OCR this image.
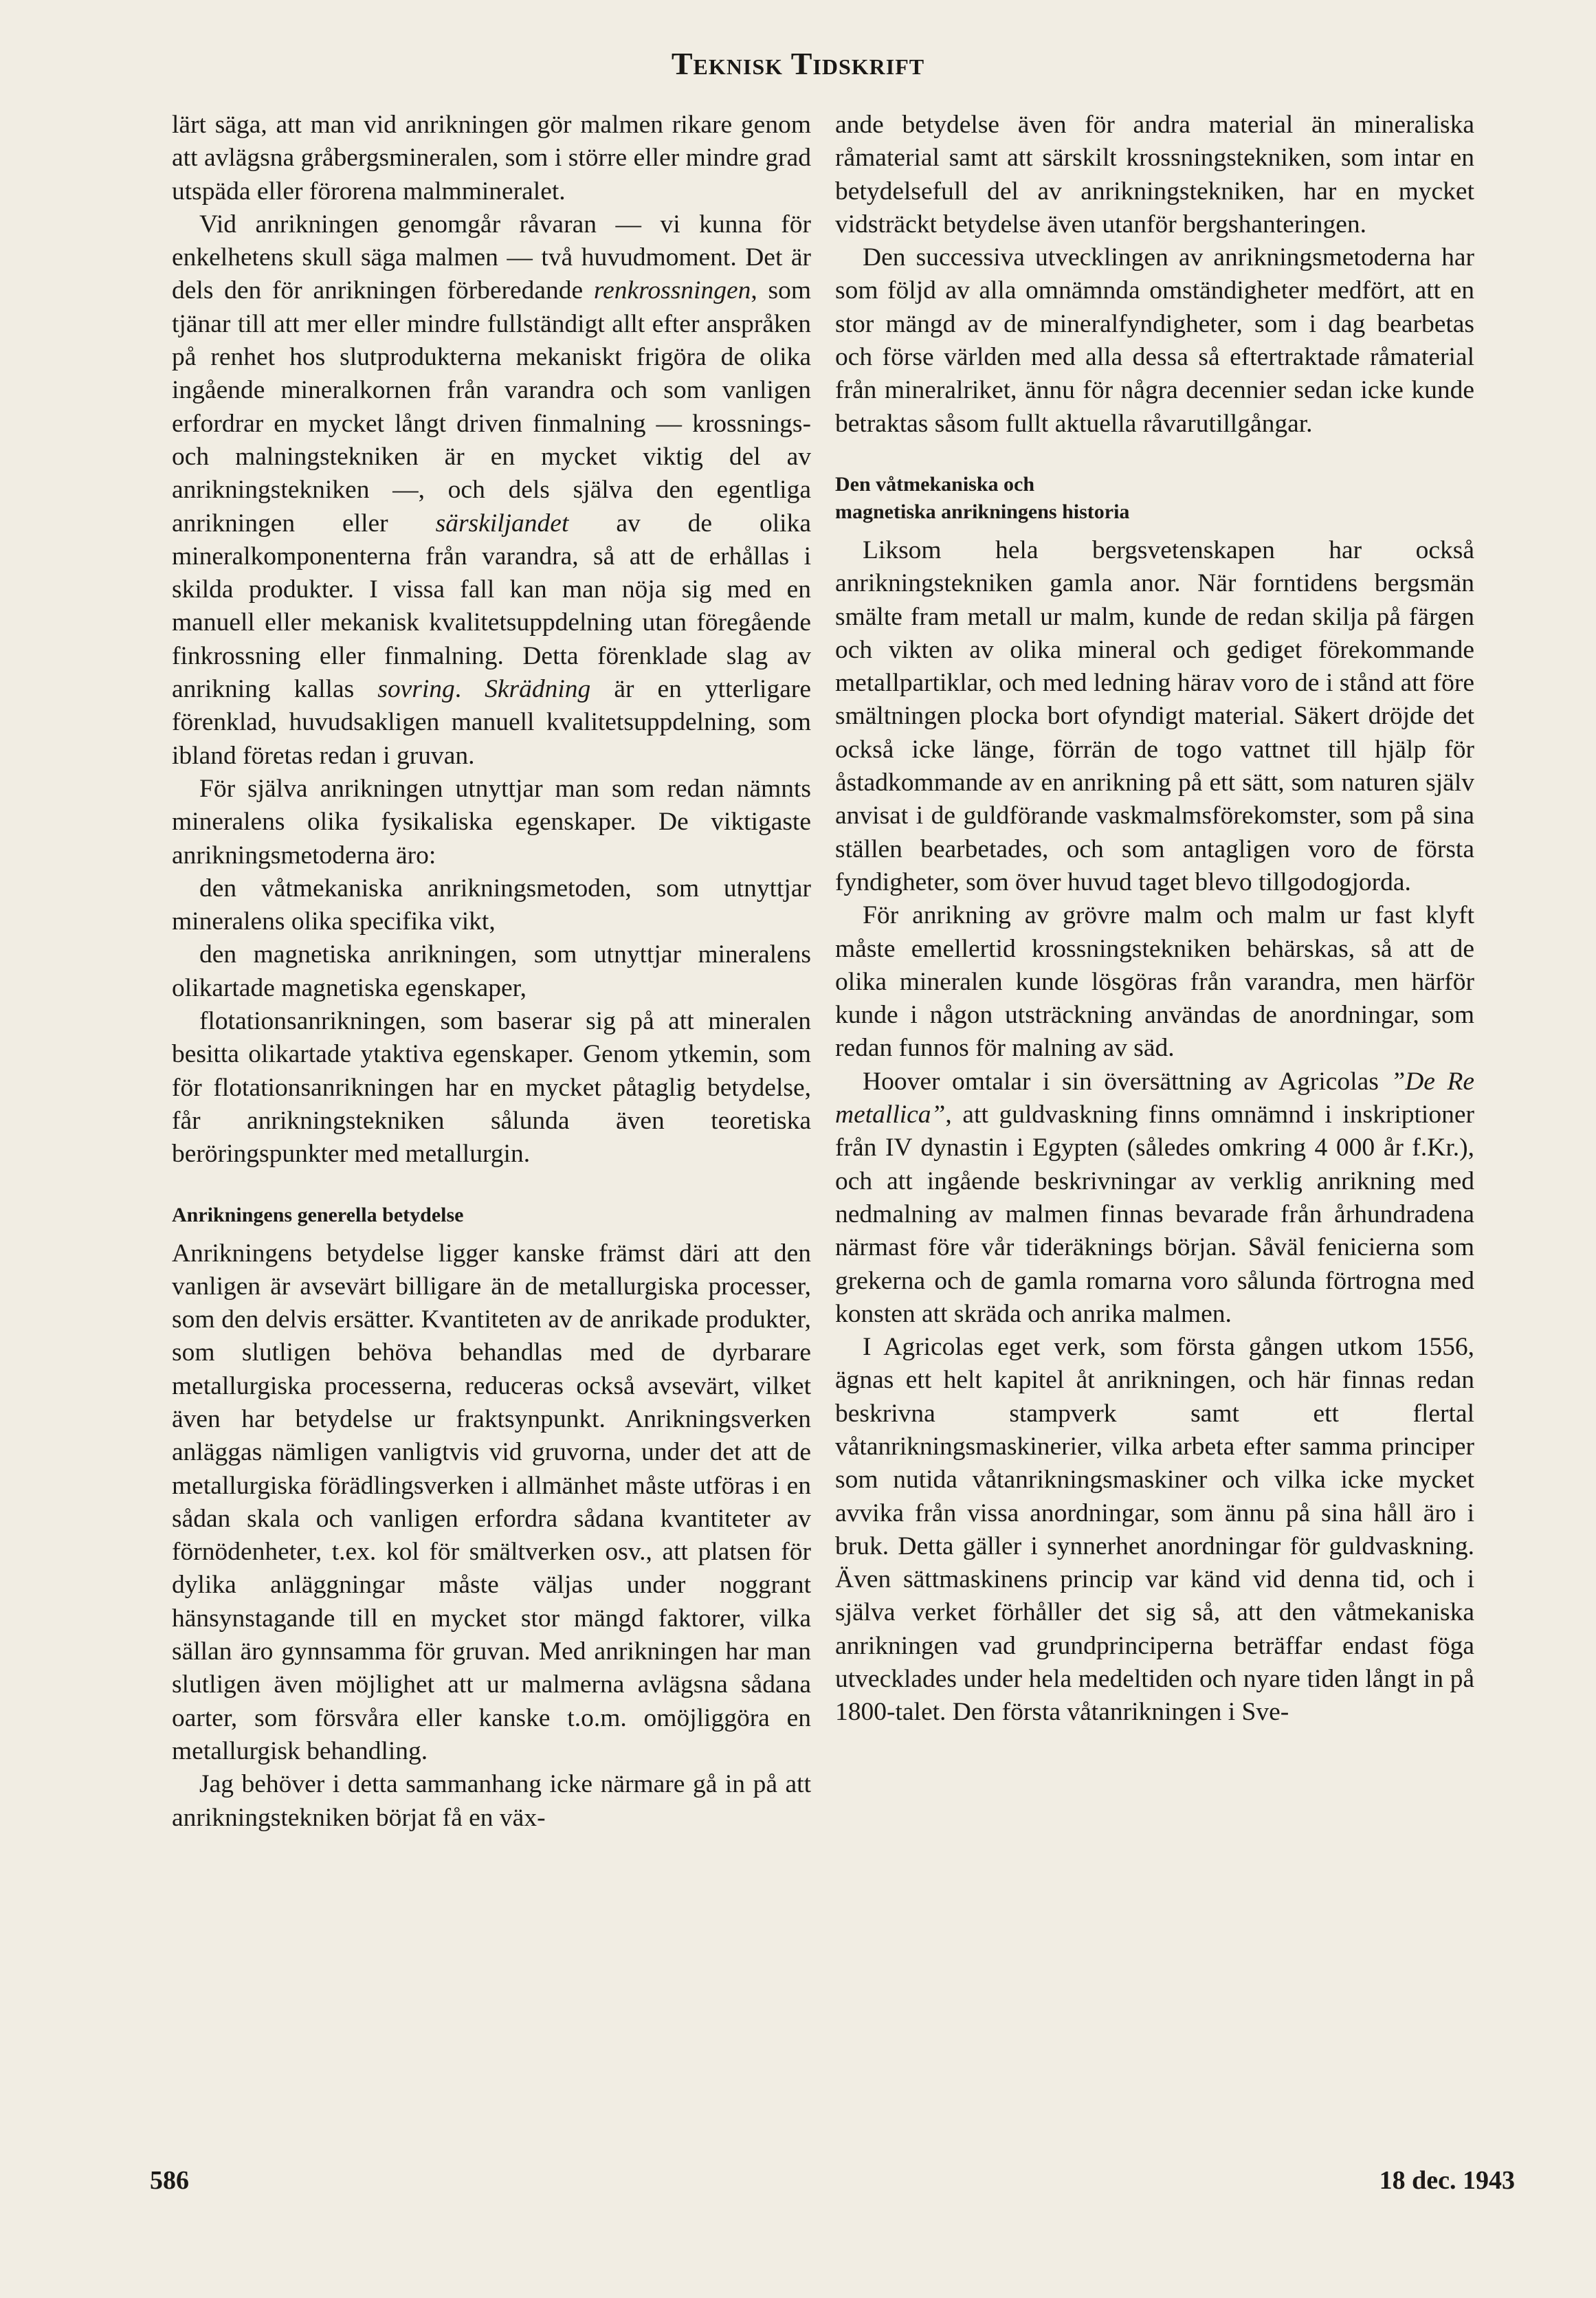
Teknisk Tidskrift

lärt säga, att man vid anrikningen gör malmen rikare genom att avlägsna gråbergsmineralen, som i större eller mindre grad utspäda eller förorena malmmineralet.

Vid anrikningen genomgår råvaran — vi kunna för enkelhetens skull säga malmen — två huvudmoment. Det är dels den för anrikningen förberedande renkrossningen, som tjänar till att mer eller mindre fullständigt allt efter anspråken på renhet hos slutprodukterna mekaniskt frigöra de olika ingående mineralkornen från varandra och som vanligen erfordrar en mycket långt driven finmalning — krossnings- och malningstekniken är en mycket viktig del av anrikningstekniken —, och dels själva den egentliga anrikningen eller särskiljandet av de olika mineralkomponenterna från varandra, så att de erhållas i skilda produkter. I vissa fall kan man nöja sig med en manuell eller mekanisk kvalitetsuppdelning utan föregående finkrossning eller finmalning. Detta förenklade slag av anrikning kallas sovring. Skrädning är en ytterligare förenklad, huvudsakligen manuell kvalitetsuppdelning, som ibland företas redan i gruvan.

För själva anrikningen utnyttjar man som redan nämnts mineralens olika fysikaliska egenskaper. De viktigaste anrikningsmetoderna äro:

den våtmekaniska anrikningsmetoden, som utnyttjar mineralens olika specifika vikt,

den magnetiska anrikningen, som utnyttjar mineralens olikartade magnetiska egenskaper,

flotationsanrikningen, som baserar sig på att mineralen besitta olikartade ytaktiva egenskaper. Genom ytkemin, som för flotationsanrikningen har en mycket påtaglig betydelse, får anrikningstekniken sålunda även teoretiska beröringspunkter med metallurgin.

Anrikningens generella betydelse

Anrikningens betydelse ligger kanske främst däri att den vanligen är avsevärt billigare än de metallurgiska processer, som den delvis ersätter. Kvantiteten av de anrikade produkter, som slutligen behöva behandlas med de dyrbarare metallurgiska processerna, reduceras också avsevärt, vilket även har betydelse ur fraktsynpunkt. Anrikningsverken anläggas nämligen vanligtvis vid gruvorna, under det att de metallurgiska förädlingsverken i allmänhet måste utföras i en sådan skala och vanligen erfordra sådana kvantiteter av förnödenheter, t.ex. kol för smältverken osv., att platsen för dylika anläggningar måste väljas under noggrant hänsynstagande till en mycket stor mängd faktorer, vilka sällan äro gynnsamma för gruvan. Med anrikningen har man slutligen även möjlighet att ur malmerna avlägsna sådana oarter, som försvåra eller kanske t.o.m. omöjliggöra en metallurgisk behandling.

Jag behöver i detta sammanhang icke närmare gå in på att anrikningstekniken börjat få en väx-

ande betydelse även för andra material än mineraliska råmaterial samt att särskilt krossningstekniken, som intar en betydelsefull del av anrikningstekniken, har en mycket vidsträckt betydelse även utanför bergshanteringen.

Den successiva utvecklingen av anrikningsmetoderna har som följd av alla omnämnda omständigheter medfört, att en stor mängd av de mineralfyndigheter, som i dag bearbetas och förse världen med alla dessa så eftertraktade råmaterial från mineralriket, ännu för några decennier sedan icke kunde betraktas såsom fullt aktuella råvarutillgångar.

Den våtmekaniska och
magnetiska anrikningens historia

Liksom hela bergsvetenskapen har också anrikningstekniken gamla anor. När forntidens bergsmän smälte fram metall ur malm, kunde de redan skilja på färgen och vikten av olika mineral och gediget förekommande metallpartiklar, och med ledning härav voro de i stånd att före smältningen plocka bort ofyndigt material. Säkert dröjde det också icke länge, förrän de togo vattnet till hjälp för åstadkommande av en anrikning på ett sätt, som naturen själv anvisat i de guldförande vaskmalmsförekomster, som på sina ställen bearbetades, och som antagligen voro de första fyndigheter, som över huvud taget blevo tillgodogjorda.

För anrikning av grövre malm och malm ur fast klyft måste emellertid krossningstekniken behärskas, så att de olika mineralen kunde lösgöras från varandra, men härför kunde i någon utsträckning användas de anordningar, som redan funnos för malning av säd.

Hoover omtalar i sin översättning av Agricolas ”De Re metallica”, att guldvaskning finns omnämnd i inskriptioner från IV dynastin i Egypten (således omkring 4 000 år f.Kr.), och att ingående beskrivningar av verklig anrikning med nedmalning av malmen finnas bevarade från århundradena närmast före vår tideräknings början. Såväl fenicierna som grekerna och de gamla romarna voro sålunda förtrogna med konsten att skräda och anrika malmen.

I Agricolas eget verk, som första gången utkom 1556, ägnas ett helt kapitel åt anrikningen, och här finnas redan beskrivna stampverk samt ett flertal våtanrikningsmaskinerier, vilka arbeta efter samma principer som nutida våtanrikningsmaskiner och vilka icke mycket avvika från vissa anordningar, som ännu på sina håll äro i bruk. Detta gäller i synnerhet anordningar för guldvaskning. Även sättmaskinens princip var känd vid denna tid, och i själva verket förhåller det sig så, att den våtmekaniska anrikningen vad grundprinciperna beträffar endast föga utvecklades under hela medeltiden och nyare tiden långt in på 1800-talet. Den första våtanrikningen i Sve-

586	18 dec. 1943
